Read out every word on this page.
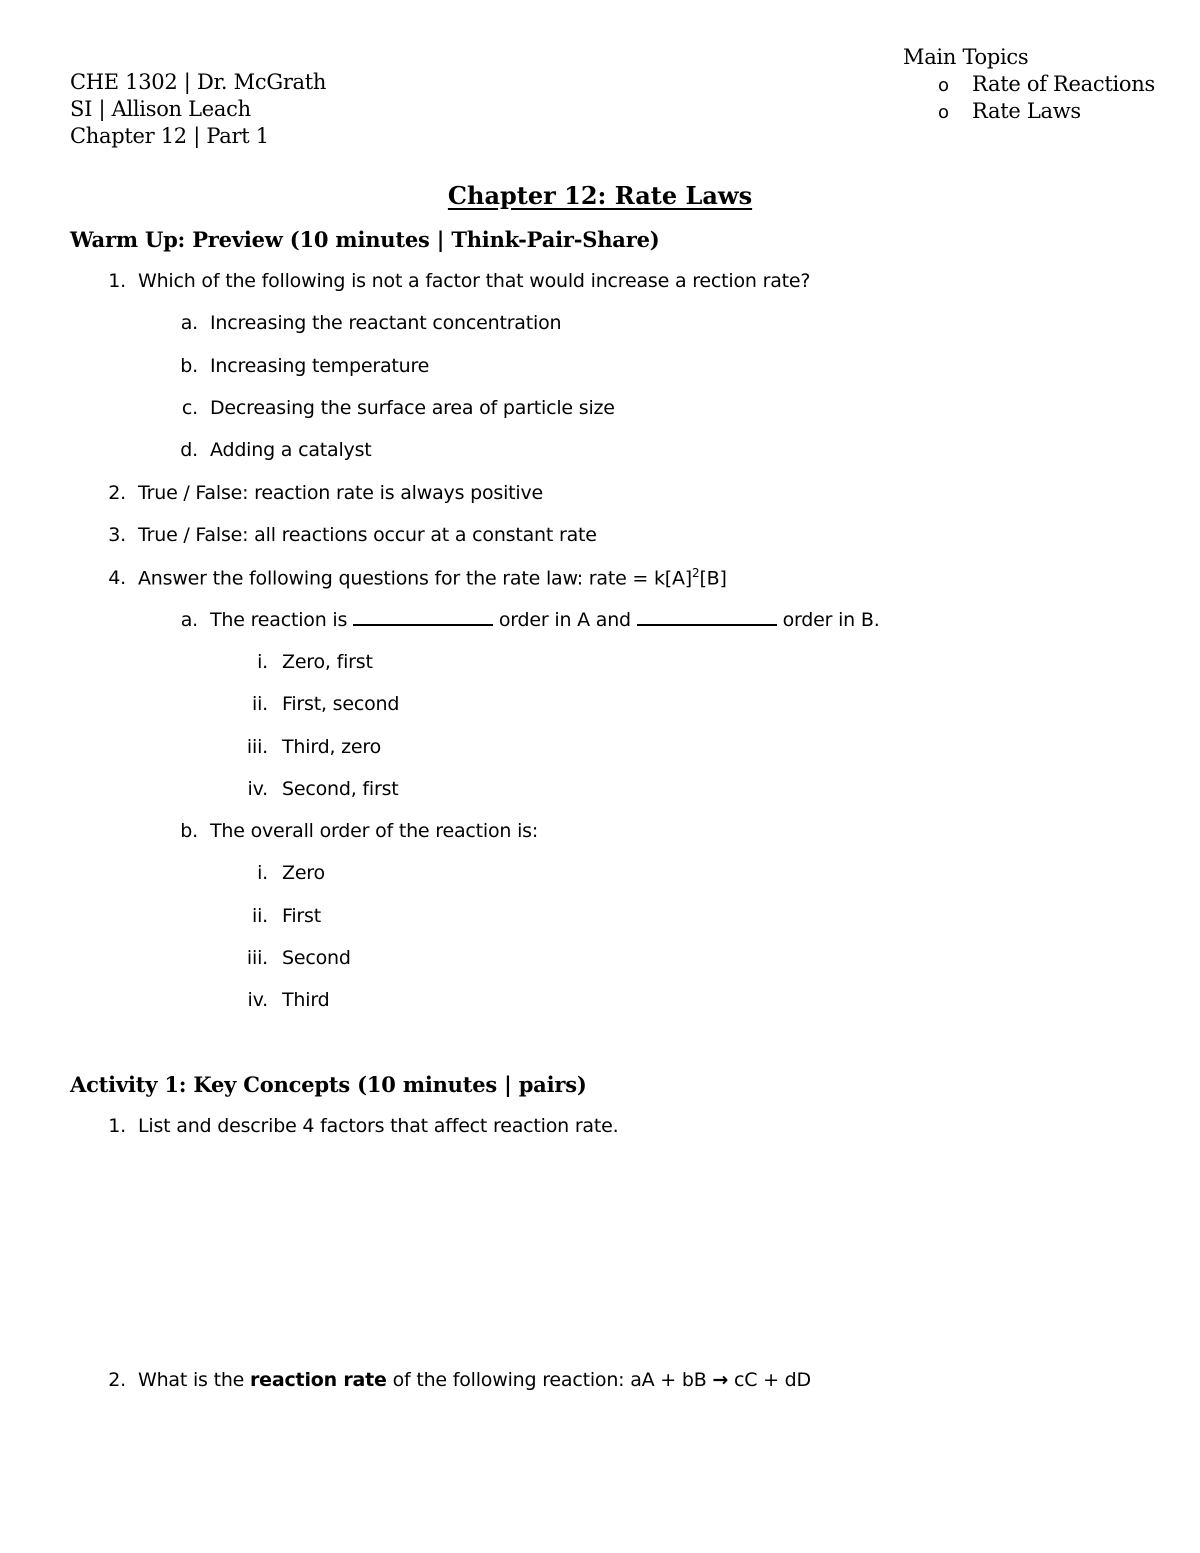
CHE 1302 | Dr. McGrath
SI | Allison Leach
Chapter 12 | Part 1
Main Topics
o Rate of Reactions
o Rate Laws
Chapter 12: Rate Laws
Warm Up: Preview (10 minutes | Think-Pair-Share)
1. Which of the following is not a factor that would increase a rection rate?
a. Increasing the reactant concentration
b. Increasing temperature
c. Decreasing the surface area of particle size
d. Adding a catalyst
2. True / False: reaction rate is always positive
3. True / False: all reactions occur at a constant rate
4. Answer the following questions for the rate law: rate = $k[A]^2[B]$
a. The reaction is	order in A and	order in B.
i. Zero, first
ii. First, second
iii. Third, zero
iv. Second, first
b. The overall order of the reaction is:
i. Zero
ii. First
iii. Second
iv. Third
Activity 1: Key Concepts (10 minutes | pairs)
1. List and describe 4 factors that affect reaction rate.
2. What is the reaction rate of the following reaction: aA + bB → cC + dD
